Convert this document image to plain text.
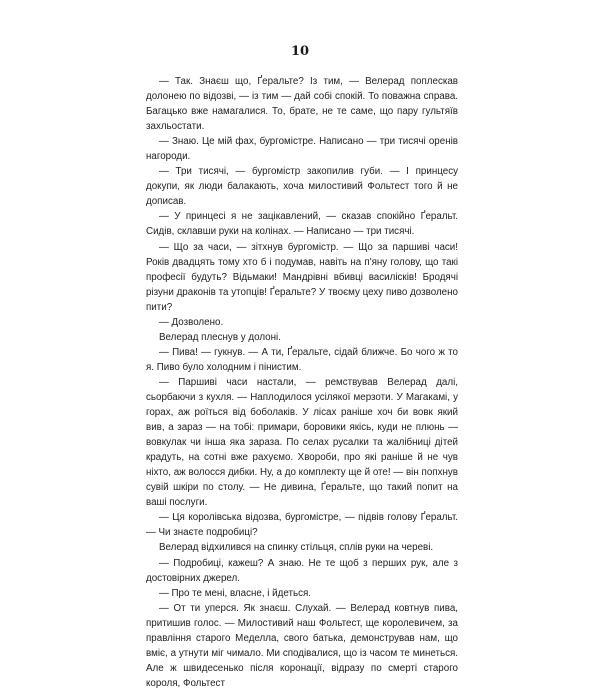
10

— Так. Знаєш що, Ґеральте? Із тим, — Велерад поплескав долонею по відозві, — із тим — дай собі спокій. То поважна справа. Багацько вже намагалися. То, брате, не те саме, що пару гультяїв захльостати.

— Знаю. Це мій фах, бургомістре. Написано — три тисячі оренів нагороди.

— Три тисячі, — бургомістр закопилив губи. — І принцесу докупи, як люди балакають, хоча милостивий Фольтест того й не дописав.

— У принцесі я не зацікавлений, — сказав спокійно Ґеральт. Сидів, склавши руки на колінах. — Написано — три тисячі.

— Що за часи, — зітхнув бургомістр. — Що за паршиві часи! Років двадцять тому хто б і подумав, навіть на п'яну голову, що такі професії будуть? Відьмаки! Мандрівні вбивці василісків! Бродячі різуни драконів та утопців! Ґеральте? У твоєму цеху пиво дозволено пити?

— Дозволено.

Велерад плеснув у долоні.

— Пива! — гукнув. — А ти, Ґеральте, сідай ближче. Бо чого ж то я. Пиво було холодним і пінистим.

— Паршиві часи настали, — ремствував Велерад далі, сьорбаючи з кухля. — Наплодилося усілякої мерзоти. У Магакамі, у горах, аж роїться від боболаків. У лісах раніше хоч би вовк який вив, а зараз — на тобі: примари, боровики якісь, куди не плюнь — вовкулак чи інша яка зараза. По селах русалки та жалібниці дітей крадуть, на сотні вже рахуємо. Хвороби, про які раніше й не чув ніхто, аж волосся дибки. Ну, а до комплекту ще й оте! — він попхнув сувій шкіри по столу. — Не дивина, Ґеральте, що такий попит на ваші послуги.

— Ця королівська відозва, бургомістре, — підвів голову Ґеральт. — Чи знаєте подробиці?

Велерад відхилився на спинку стільця, сплів руки на череві.

— Подробиці, кажеш? А знаю. Не те щоб з перших рук, але з достовірних джерел.

— Про те мені, власне, і йдеться.

— От ти уперся. Як знаєш. Слухай. — Велерад ковтнув пива, притишив голос. — Милостивий наш Фольтест, ще королевичем, за правління старого Меделла, свого батька, демонстрував нам, що вміє, а утнути міг чимало. Ми сподівалися, що із часом те минеться. Але ж швидесенько після коронації, відразу по смерті старого короля, Фольтест
